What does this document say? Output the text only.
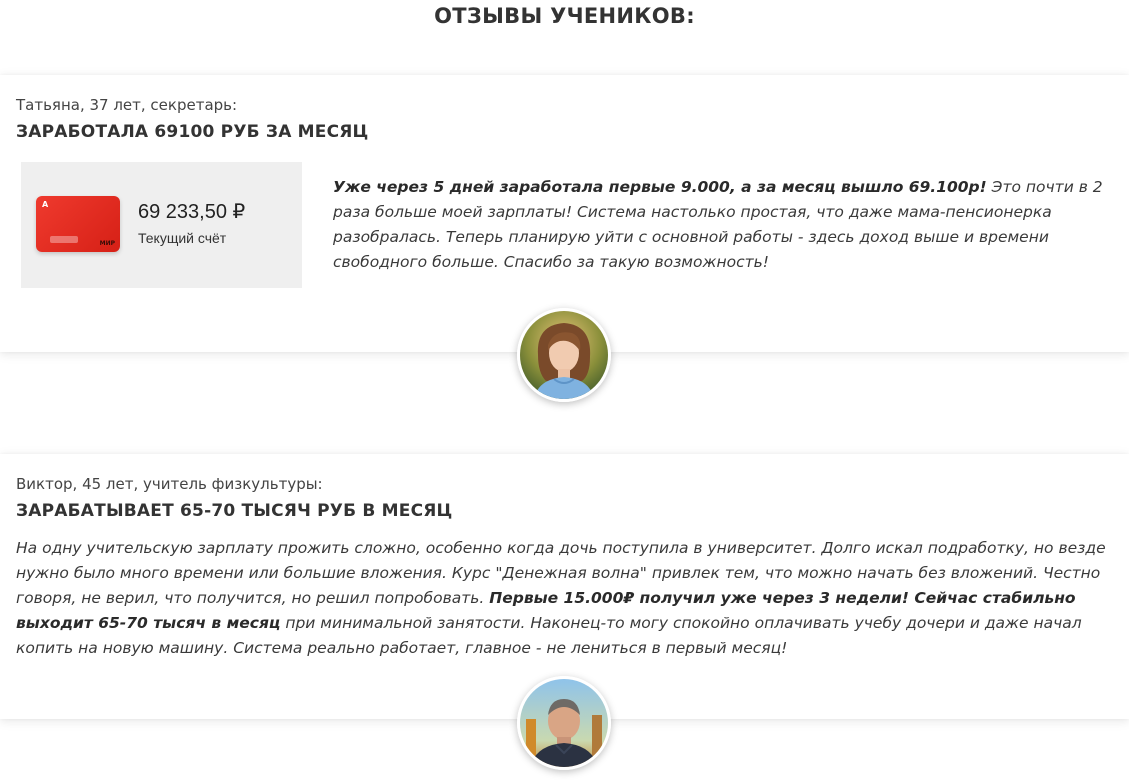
ОТЗЫВЫ УЧЕНИКОВ:

Татьяна, 37 лет, секретарь:

ЗАРАБОТАЛА 69100 РУБ ЗА МЕСЯЦ

A
МИР
69 233,50 ₽
Текущий счёт

Уже через 5 дней заработала первые 9.000, а за месяц вышло 69.100р! Это почти в 2 раза больше моей зарплаты! Система настолько простая, что даже мама-пенсионерка разобралась. Теперь планирую уйти с основной работы - здесь доход выше и времени свободного больше. Спасибо за такую возможность!

Виктор, 45 лет, учитель физкультуры:

ЗАРАБАТЫВАЕТ 65-70 ТЫСЯЧ РУБ В МЕСЯЦ

На одну учительскую зарплату прожить сложно, особенно когда дочь поступила в университет. Долго искал подработку, но везде нужно было много времени или большие вложения. Курс "Денежная волна" привлек тем, что можно начать без вложений. Честно говоря, не верил, что получится, но решил попробовать. Первые 15.000₽ получил уже через 3 недели! Сейчас стабильно выходит 65-70 тысяч в месяц при минимальной занятости. Наконец-то могу спокойно оплачивать учебу дочери и даже начал копить на новую машину. Система реально работает, главное - не лениться в первый месяц!
